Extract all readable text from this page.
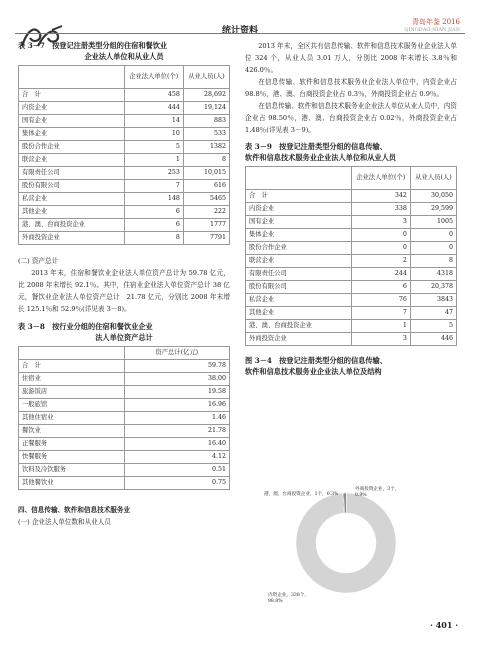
统计资料
青岛年鉴 2016
QINGDAO NIAN JIAN
表 3－7　按登记注册类型分组的住宿和餐饮业
企业法人单位和从业人员
	企业法人单位(个)	从业人员(人)
合　计	458	28,692
内资企业	444	19,124
国有企业	14	883
集体企业	10	533
股份合作企业	5	1382
联营企业	1	8
有限责任公司	253	10,015
股份有限公司	7	616
私营企业	148	5465
其他企业	6	222
港、澳、台商投资企业	6	1777
外商投资企业	8	7791
(二) 资产总计

2013 年末，住宿和餐饮业企业法人单位资产总计为 59.78 亿元，比 2008 年末增长 92.1％。其中，住宿业企业法人单位资产总计 38 亿元，餐饮业企业法人单位资产总计　21.78 亿元，分别比 2008 年末增长 125.1％和 52.9％(详见表 3－8)。

表 3－8　按行业分组的住宿和餐饮业企业
法人单位资产总计
	资产总计(亿元)
合　计	59.78
住宿业	38.00
旅游饭店	19.58
一般旅馆	16.96
其他住宿业	1.46
餐饮业	21.78
正餐服务	16.40
快餐服务	4.12
饮料及冷饮服务	0.51
其他餐饮业	0.75
四、信息传输、软件和信息技术服务业
(一) 企业法人单位数和从业人员

2013 年末，全区共有信息传输、软件和信息技术服务业企业法人单位 324 个，从业人员 3.01 万人，分别比 2008 年末增长 3.8％和 426.0％。

在信息传输、软件和信息技术服务业企业法人单位中，内资企业占 98.8％，港、澳、台商投资企业占 0.3％，外商投资企业占 0.9％。

在信息传输、软件和信息技术服务业企业法人单位从业人员中，内资企业占 98.50％，港、澳、台商投资企业占 0.02％，外商投资企业占 1.48％(详见表 3－9)。

表 3－9　按登记注册类型分组的信息传输、
软件和信息技术服务业企业法人单位和从业人员
	企业法人单位(个)	从业人员(人)
合　计	342	30,050
内资企业	338	29,599
国有企业	3	1005
集体企业	0	0
股份合作企业	0	0
联营企业	2	8
有限责任公司	244	4318
股份有限公司	6	20,378
私营企业	76	3843
其他企业	7	47
港、澳、台商投资企业	1	5
外商投资企业	3	446
图 3－4　按登记注册类型分组的信息传输、
软件和信息技术服务业企业法人单位及结构
港、澳、台商投资企业，1个，0.3%
外商投资企业，3个，
0.9%
内资企业，338个，
98.8%
· 401 ·
